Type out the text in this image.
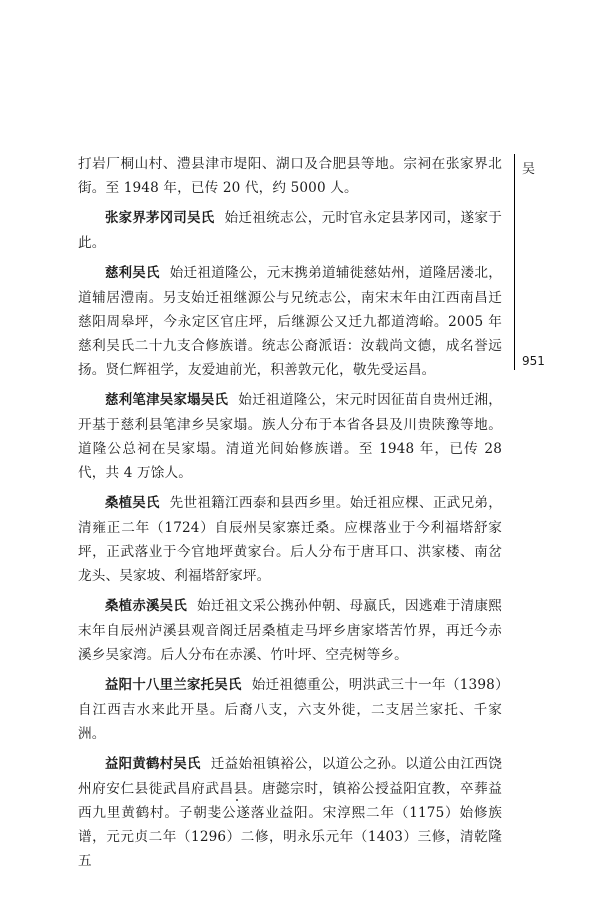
吴
951

打岩厂桐山村、澧县津市堤阳、湖口及合肥县等地。宗祠在张家界北街。至 1948 年，已传 20 代，约 5000 人。

张家界茅冈司吴氏 始迁祖统志公，元时官永定县茅冈司，遂家于此。

慈利吴氏 始迁祖道隆公，元末携弟道辅徙慈姑州，道隆居溇北，道辅居澧南。另支始迁祖继源公与兄统志公，南宋末年由江西南昌迁慈阳周皋坪，今永定区官庄坪，后继源公又迁九都道湾峪。2005 年慈利吴氏二十九支合修族谱。统志公裔派语：汝载尚文德，成名誉远扬。贤仁辉祖学，友爱迪前光，积善敦元化，敬先受运昌。

慈利笔津吴家塌吴氏 始迁祖道隆公，宋元时因征苗自贵州迁湘，开基于慈利县笔津乡吴家塌。族人分布于本省各县及川贵陕豫等地。道隆公总祠在吴家塌。清道光间始修族谱。至 1948 年，已传 28 代，共 4 万馀人。

桑植吴氏 先世祖籍江西泰和县西乡里。始迁祖应棵、正武兄弟，清雍正二年（1724）自辰州吴家寨迁桑。应棵落业于今利福塔舒家坪，正武落业于今官地坪黄家台。后人分布于唐耳口、洪家楼、南岔龙头、吴家坡、利福塔舒家坪。

桑植赤溪吴氏 始迁祖文采公携孙仲朝、母嬴氏，因逃难于清康熙末年自辰州泸溪县观音阁迁居桑植走马坪乡唐家塔苦竹界，再迁今赤溪乡吴家湾。后人分布在赤溪、竹叶坪、空壳树等乡。

益阳十八里兰家托吴氏 始迁祖德重公，明洪武三十一年（1398）自江西吉水来此开垦。后裔八支，六支外徙，二支居兰家托、千家洲。

益阳黄鹤村吴氏 迁益始祖镇裕公，以道公之孙。以道公由江西饶州府安仁县徙武昌府武昌县。唐懿宗时，镇裕公授益阳宜教，卒葬益西九里黄鹤村。子朝斐公遂落业益阳。宋淳熙二年（1175）始修族谱，元元贞二年（1296）二修，明永乐元年（1403）三修，清乾隆五
